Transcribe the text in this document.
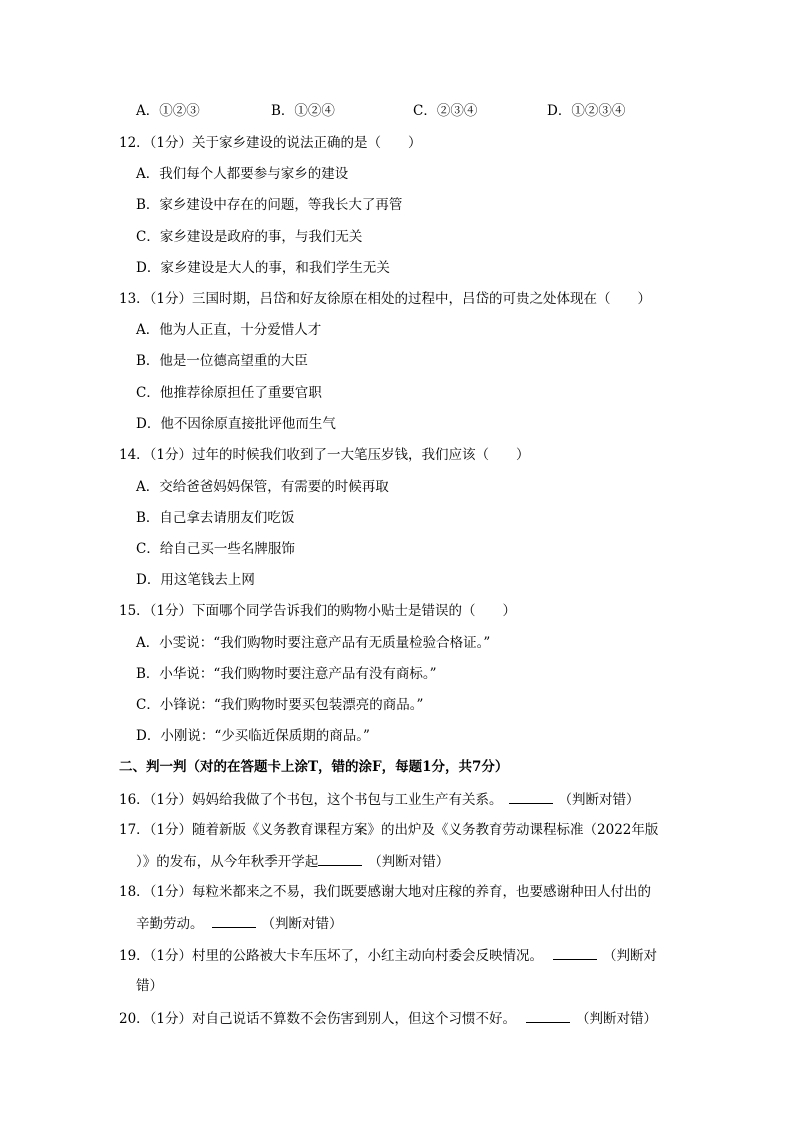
A．①②③	B．①②④	C．②③④	D．①②③④
12．（1分）关于家乡建设的说法正确的是（　　）
A．我们每个人都要参与家乡的建设
B．家乡建设中存在的问题，等我长大了再管
C．家乡建设是政府的事，与我们无关
D．家乡建设是大人的事，和我们学生无关
13．（1分）三国时期，吕岱和好友徐原在相处的过程中，吕岱的可贵之处体现在（　　）
A．他为人正直，十分爱惜人才
B．他是一位德高望重的大臣
C．他推荐徐原担任了重要官职
D．他不因徐原直接批评他而生气
14．（1分）过年的时候我们收到了一大笔压岁钱，我们应该（　　）
A．交给爸爸妈妈保管，有需要的时候再取
B．自己拿去请朋友们吃饭
C．给自己买一些名牌服饰
D．用这笔钱去上网
15．（1分）下面哪个同学告诉我们的购物小贴士是错误的（　　）
A．小雯说：“我们购物时要注意产品有无质量检验合格证。”
B．小华说：“我们购物时要注意产品有没有商标。”
C．小锋说：“我们购物时要买包装漂亮的商品。”
D．小刚说：“少买临近保质期的商品。”
二、判一判（对的在答题卡上涂T，错的涂F，每题1分，共7分）
16．（1分）妈妈给我做了个书包，这个书包与工业生产有关系。	（判断对错）
17．（1分）随着新版《义务教育课程方案》的出炉及《义务教育劳动课程标准（2022年版
）》的发布，从今年秋季开学起	（判断对错）
18．（1分）每粒米都来之不易，我们既要感谢大地对庄稼的养育，也要感谢种田人付出的
辛勤劳动。	（判断对错）
19．（1分）村里的公路被大卡车压坏了，小红主动向村委会反映情况。	（判断对
错）
20．（1分）对自己说话不算数不会伤害到别人，但这个习惯不好。	（判断对错）
